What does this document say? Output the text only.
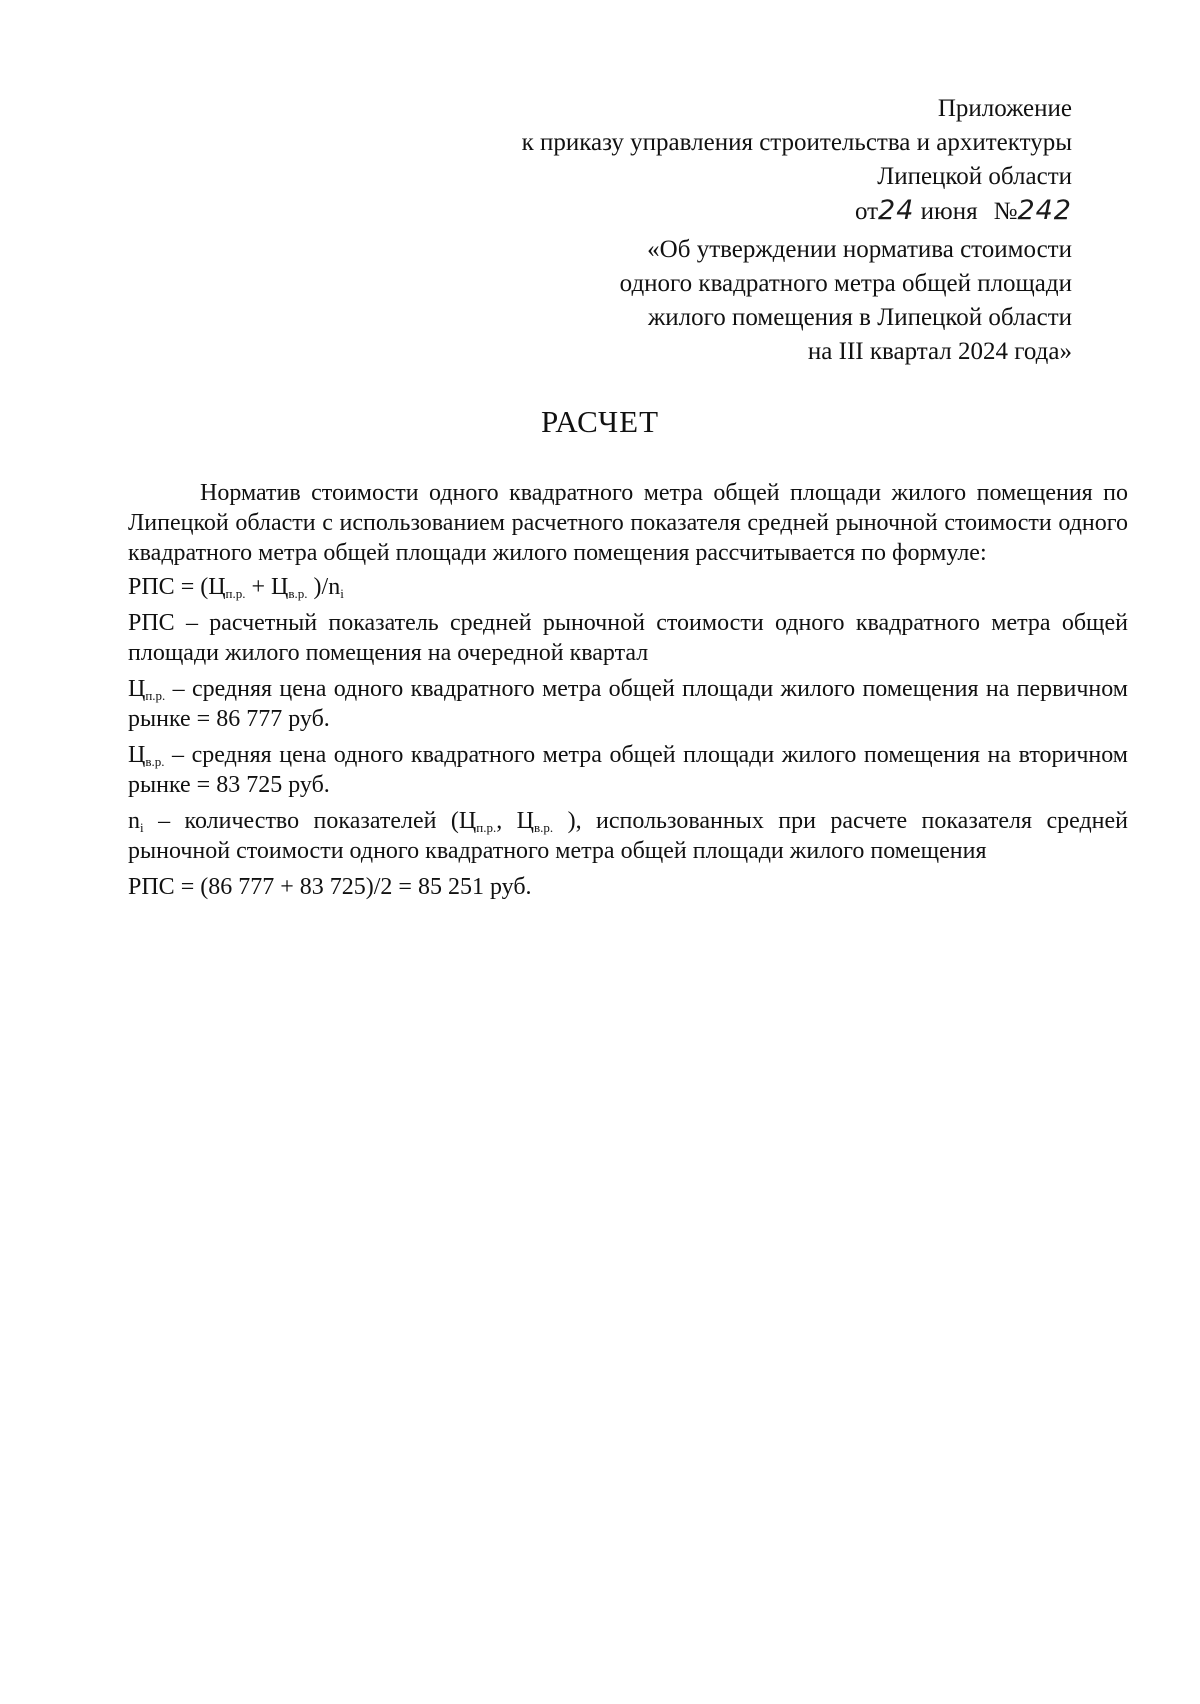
Приложение
к приказу управления строительства и архитектуры
Липецкой области
от24 июня №242
«Об утверждении норматива стоимости
одного квадратного метра общей площади
жилого помещения в Липецкой области
на III квартал 2024 года»
РАСЧЕТ

Норматив стоимости одного квадратного метра общей площади жилого помещения по Липецкой области с использованием расчетного показателя средней рыночной стоимости одного квадратного метра общей площади жилого помещения рассчитывается по формуле:

РПС = ($Ц_{п.р.} + Ц_{в.р.}$ )$/n_i$

РПС – расчетный показатель средней рыночной стоимости одного квадратного метра общей площади жилого помещения на очередной квартал

$Ц_{п.р.}$ – средняя цена одного квадратного метра общей площади жилого помещения на первичном рынке = 86 777 руб.

$Ц_{в.р.}$ – средняя цена одного квадратного метра общей площади жилого помещения на вторичном рынке = 83 725 руб.

$n_i$ – количество показателей ($Ц_{п.р.}$, $Ц_{в.р.}$ ), использованных при расчете показателя средней рыночной стоимости одного квадратного метра общей площади жилого помещения

РПС = (86 777 + 83 725)/2 = 85 251 руб.
